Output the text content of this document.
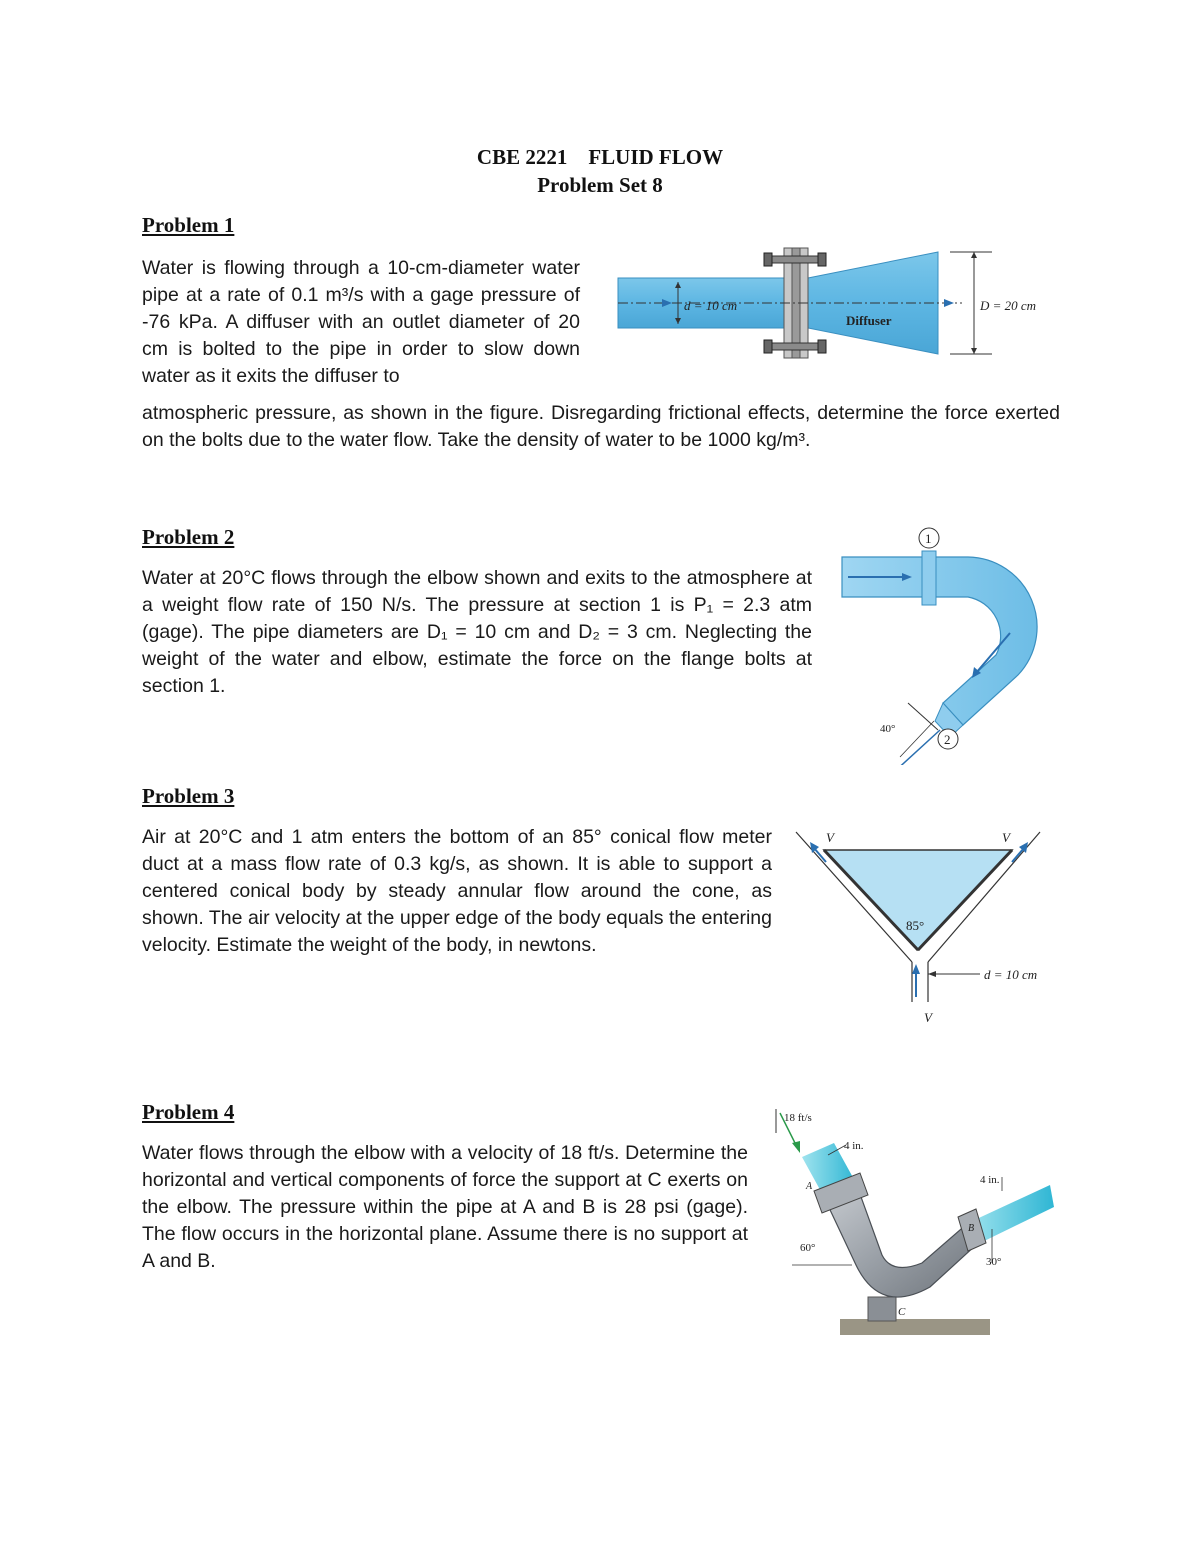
CBE 2221    FLUID FLOW
Problem Set 8
Problem 1

Water is flowing through a 10-cm-diameter water pipe at a rate of 0.1 m³/s with a gage pressure of -76 kPa. A diffuser with an outlet diameter of 20 cm is bolted to the pipe in order to slow down water as it exits the diffuser to

atmospheric pressure, as shown in the figure. Disregarding frictional effects, determine the force exerted on the bolts due to the water flow. Take the density of water to be 1000 kg/m³.

d = 10 cm
Diffuser
D = 20 cm
Problem 2

Water at 20°C flows through the elbow shown and exits to the atmosphere at a weight flow rate of 150 N/s. The pressure at section 1 is P₁ = 2.3 atm (gage). The pipe diameters are D₁ = 10 cm and D₂ = 3 cm. Neglecting the weight of the water and elbow, estimate the force on the flange bolts at section 1.

1
2
40°
Problem 3

Air at 20°C and 1 atm enters the bottom of an 85° conical flow meter duct at a mass flow rate of 0.3 kg/s, as shown. It is able to support a centered conical body by steady annular flow around the cone, as shown. The air velocity at the upper edge of the body equals the entering velocity. Estimate the weight of the body, in newtons.

V	V
V
85°
d = 10 cm
Problem 4

Water flows through the elbow with a velocity of 18 ft/s. Determine the horizontal and vertical components of force the support at C exerts on the elbow. The pressure within the pipe at A and B is 28 psi (gage). The flow occurs in the horizontal plane. Assume there is no support at A and B.

18 ft/s
4 in.
4 in.
60°
30°
A
B
C
